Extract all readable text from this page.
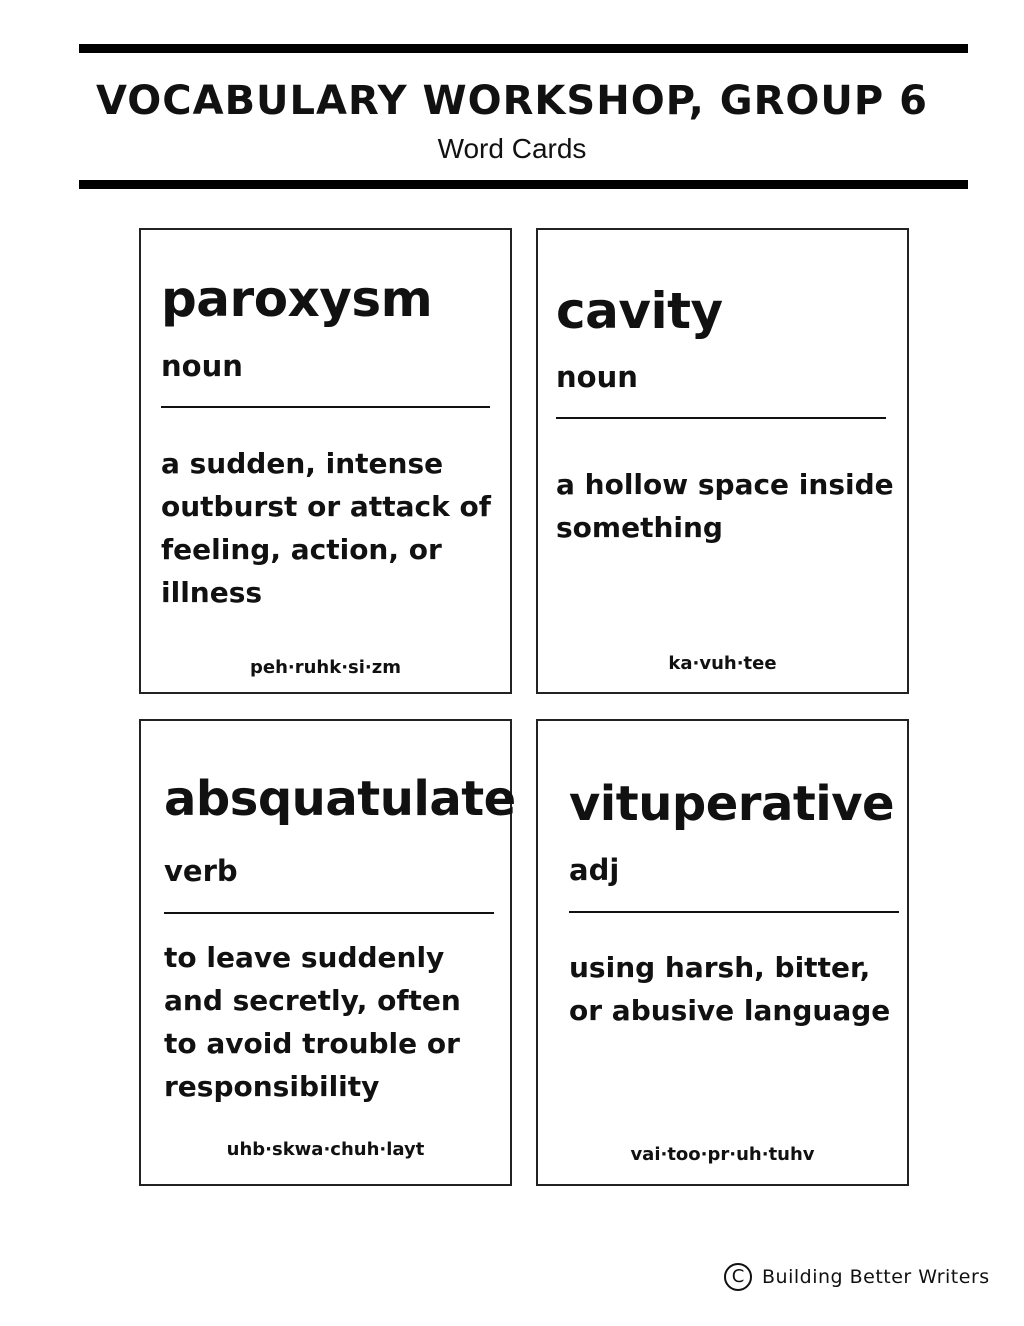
VOCABULARY WORKSHOP, GROUP 6
Word Cards
paroxysm
noun
a sudden, intense outburst or attack of feeling, action, or illness
peh·ruhk·si·zm
cavity
noun
a hollow space inside something
ka·vuh·tee
absquatulate
verb
to leave suddenly and secretly, often to avoid trouble or responsibility
uhb·skwa·chuh·layt
vituperative
adj
using harsh, bitter, or abusive language
vai·too·pr·uh·tuhv
C Building Better Writers
